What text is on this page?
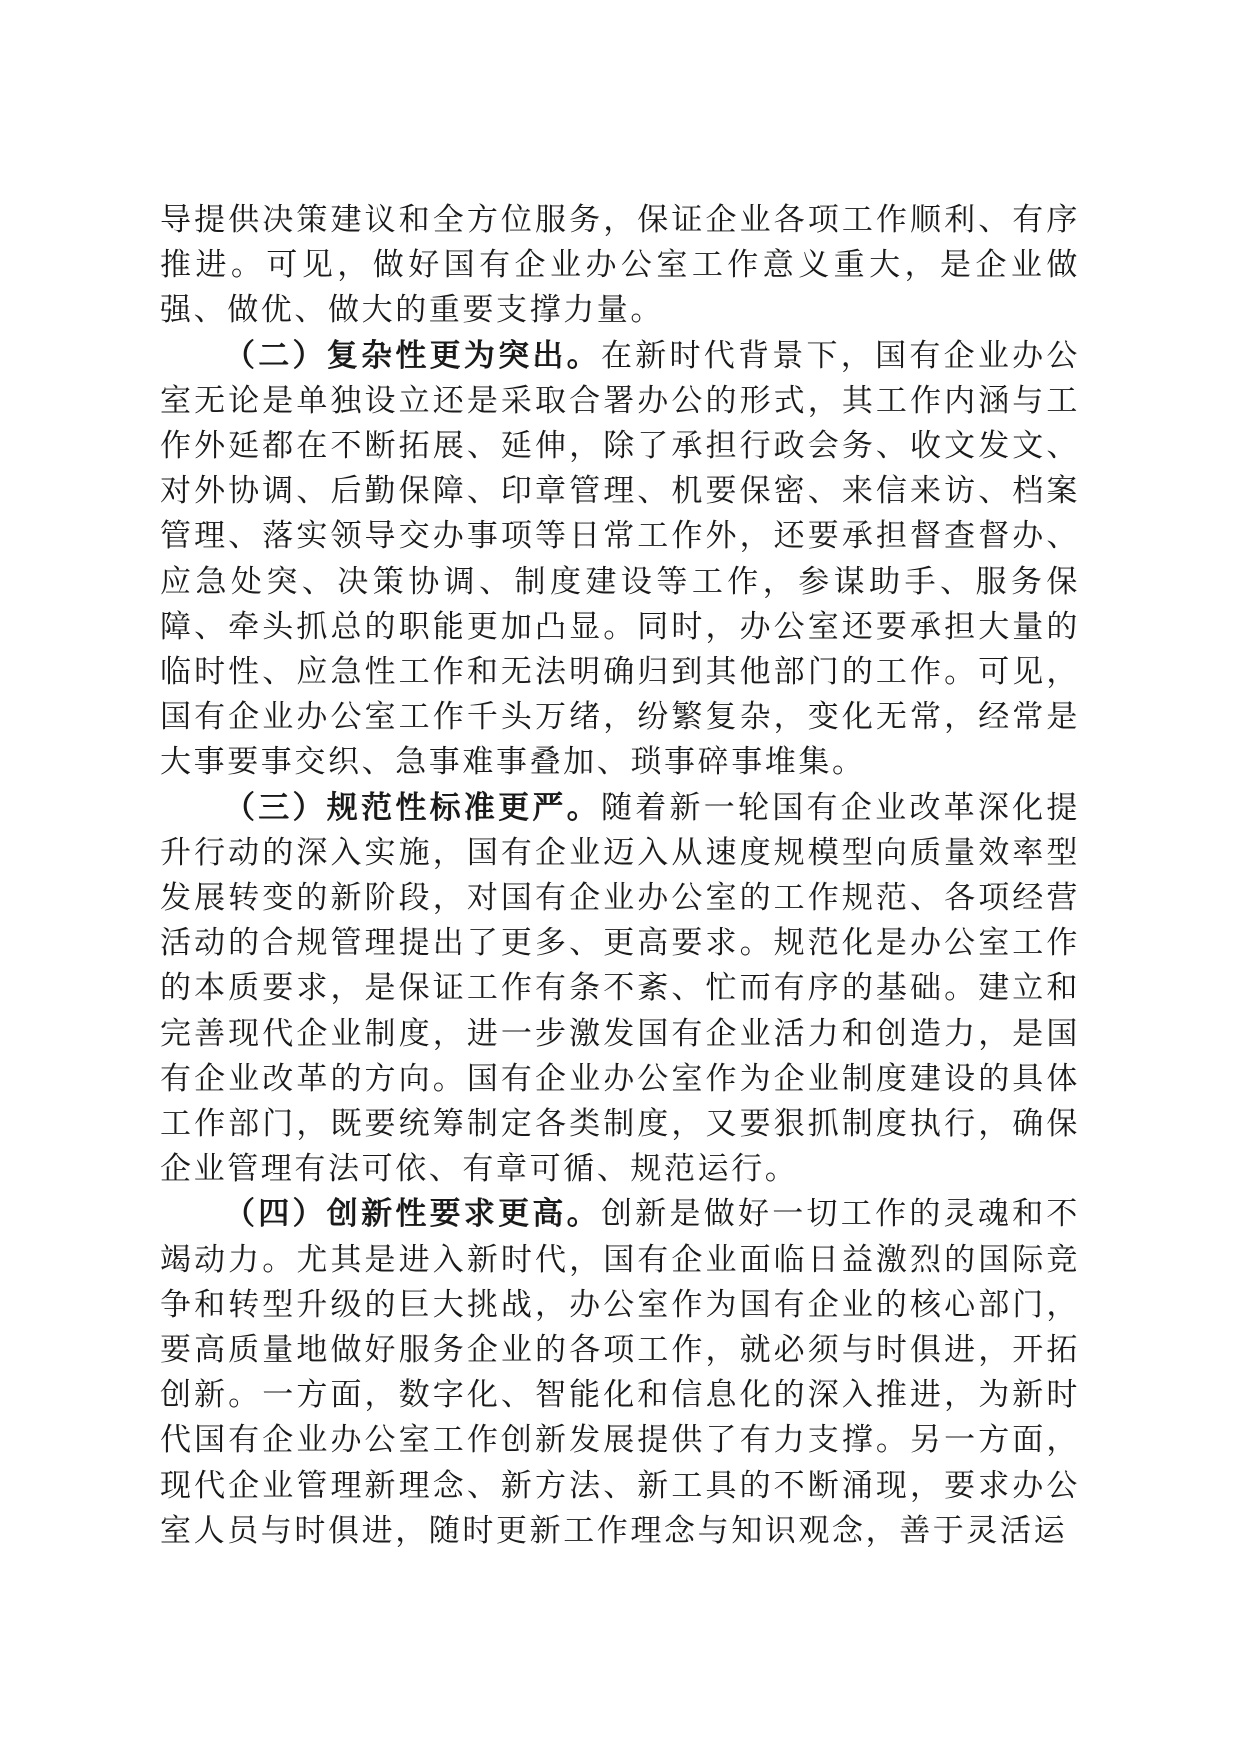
导提供决策建议和全方位服务，保证企业各项工作顺利、有序推进。可见，做好国有企业办公室工作意义重大，是企业做强、做优、做大的重要支撑力量。

（二）复杂性更为突出。在新时代背景下，国有企业办公室无论是单独设立还是采取合署办公的形式，其工作内涵与工作外延都在不断拓展、延伸，除了承担行政会务、收文发文、对外协调、后勤保障、印章管理、机要保密、来信来访、档案管理、落实领导交办事项等日常工作外，还要承担督查督办、应急处突、决策协调、制度建设等工作，参谋助手、服务保障、牵头抓总的职能更加凸显。同时，办公室还要承担大量的临时性、应急性工作和无法明确归到其他部门的工作。可见，国有企业办公室工作千头万绪，纷繁复杂，变化无常，经常是大事要事交织、急事难事叠加、琐事碎事堆集。

（三）规范性标准更严。随着新一轮国有企业改革深化提升行动的深入实施，国有企业迈入从速度规模型向质量效率型发展转变的新阶段，对国有企业办公室的工作规范、各项经营活动的合规管理提出了更多、更高要求。规范化是办公室工作的本质要求，是保证工作有条不紊、忙而有序的基础。建立和完善现代企业制度，进一步激发国有企业活力和创造力，是国有企业改革的方向。国有企业办公室作为企业制度建设的具体工作部门，既要统筹制定各类制度，又要狠抓制度执行，确保企业管理有法可依、有章可循、规范运行。

（四）创新性要求更高。创新是做好一切工作的灵魂和不竭动力。尤其是进入新时代，国有企业面临日益激烈的国际竞争和转型升级的巨大挑战，办公室作为国有企业的核心部门，要高质量地做好服务企业的各项工作，就必须与时俱进，开拓创新。一方面，数字化、智能化和信息化的深入推进，为新时代国有企业办公室工作创新发展提供了有力支撑。另一方面，现代企业管理新理念、新方法、新工具的不断涌现，要求办公室人员与时俱进，随时更新工作理念与知识观念，善于灵活运
